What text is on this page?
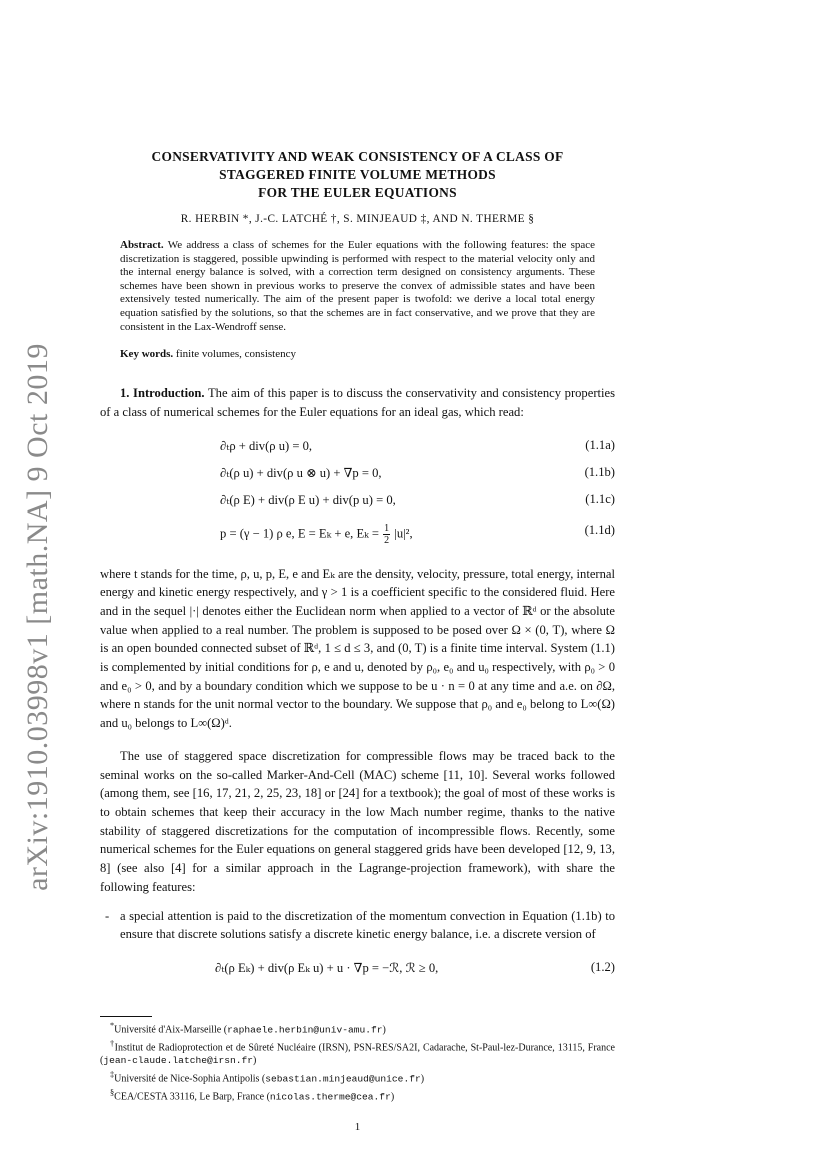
arXiv:1910.03998v1 [math.NA] 9 Oct 2019
CONSERVATIVITY AND WEAK CONSISTENCY OF A CLASS OF
STAGGERED FINITE VOLUME METHODS
FOR THE EULER EQUATIONS
R. HERBIN *, J.-C. LATCHÉ †, S. MINJEAUD ‡, AND N. THERME §
Abstract. We address a class of schemes for the Euler equations with the following features: the space discretization is staggered, possible upwinding is performed with respect to the material velocity only and the internal energy balance is solved, with a correction term designed on consistency arguments. These schemes have been shown in previous works to preserve the convex of admissible states and have been extensively tested numerically. The aim of the present paper is twofold: we derive a local total energy equation satisfied by the solutions, so that the schemes are in fact conservative, and we prove that they are consistent in the Lax-Wendroff sense.
Key words. finite volumes, consistency
1. Introduction. The aim of this paper is to discuss the conservativity and consistency properties of a class of numerical schemes for the Euler equations for an ideal gas, which read:
∂ₜρ + div(ρ u) = 0,	(1.1a)
∂ₜ(ρ u) + div(ρ u ⊗ u) + ∇p = 0,	(1.1b)
∂ₜ(ρ E) + div(ρ E u) + div(p u) = 0,	(1.1c)
p = (γ − 1) ρ e, E = Eₖ + e, $E_k = \frac{1}{2} |u|^2$,	(1.1d)

where t stands for the time, ρ, u, p, E, e and Eₖ are the density, velocity, pressure, total energy, internal energy and kinetic energy respectively, and γ > 1 is a coefficient specific to the considered fluid. Here and in the sequel |·| denotes either the Euclidean norm when applied to a vector of ℝᵈ or the absolute value when applied to a real number. The problem is supposed to be posed over Ω × (0, T), where Ω is an open bounded connected subset of ℝᵈ, 1 ≤ d ≤ 3, and (0, T) is a finite time interval. System (1.1) is complemented by initial conditions for ρ, e and u, denoted by ρ₀, e₀ and u₀ respectively, with ρ₀ > 0 and e₀ > 0, and by a boundary condition which we suppose to be u · n = 0 at any time and a.e. on ∂Ω, where n stands for the unit normal vector to the boundary. We suppose that ρ₀ and e₀ belong to L∞(Ω) and u₀ belongs to L∞(Ω)ᵈ.

The use of staggered space discretization for compressible flows may be traced back to the seminal works on the so-called Marker-And-Cell (MAC) scheme [11, 10]. Several works followed (among them, see [16, 17, 21, 2, 25, 23, 18] or [24] for a textbook); the goal of most of these works is to obtain schemes that keep their accuracy in the low Mach number regime, thanks to the native stability of staggered discretizations for the computation of incompressible flows. Recently, some numerical schemes for the Euler equations on general staggered grids have been developed [12, 9, 13, 8] (see also [4] for a similar approach in the Lagrange-projection framework), with share the following features:

- a special attention is paid to the discretization of the momentum convection in Equation (1.1b) to ensure that discrete solutions satisfy a discrete kinetic energy balance, i.e. a discrete version of
∂ₜ(ρ Eₖ) + div(ρ Eₖ u) + u · ∇p = −ℛ, ℛ ≥ 0,	(1.2)

*Université d'Aix-Marseille (raphaele.herbin@univ-amu.fr)

†Institut de Radioprotection et de Sûreté Nucléaire (IRSN), PSN-RES/SA2I, Cadarache, St-Paul-lez-Durance, 13115, France (jean-claude.latche@irsn.fr)

‡Université de Nice-Sophia Antipolis (sebastian.minjeaud@unice.fr)

§CEA/CESTA 33116, Le Barp, France (nicolas.therme@cea.fr)

1
